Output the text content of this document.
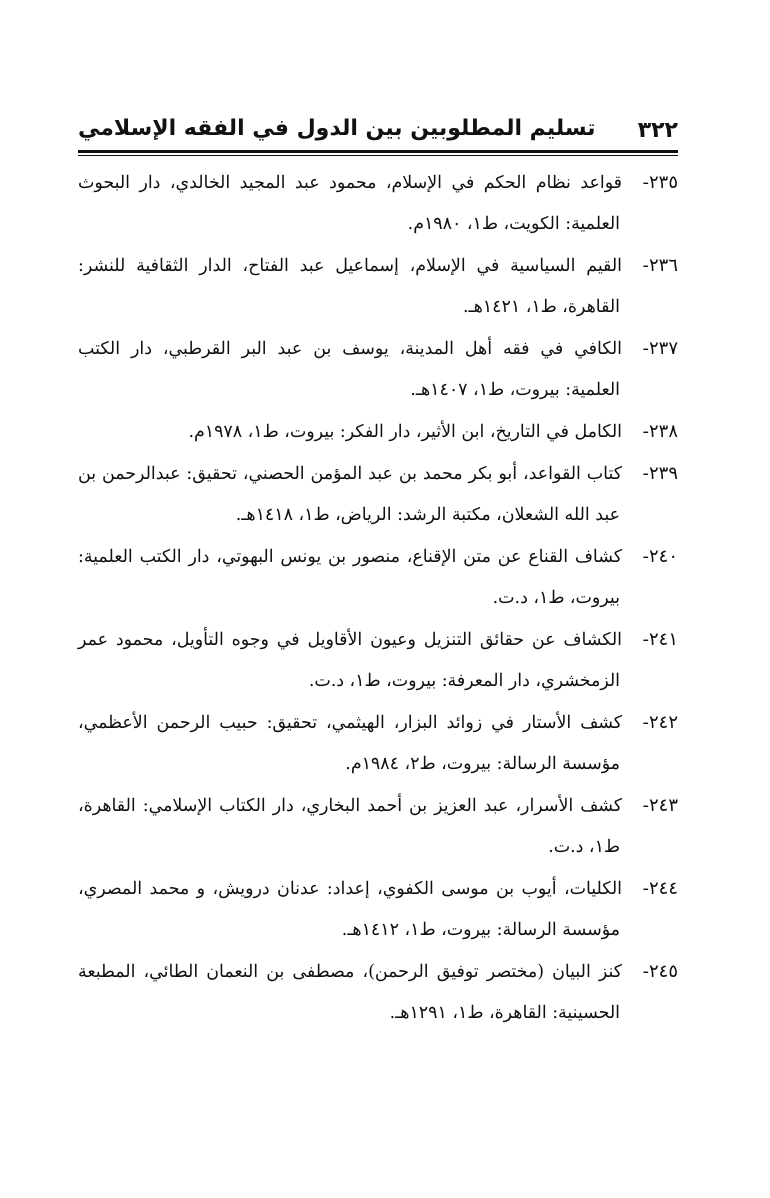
٣٢٢
تسليم المطلوبين بين الدول في الفقه الإسلامي
٢٣٥-قواعد نظام الحكم في الإسلام، محمود عبد المجيد الخالدي، دار البحوث العلمية: الكويت، ط١، ١٩٨٠م.
٢٣٦-القيم السياسية في الإسلام، إسماعيل عبد الفتاح، الدار الثقافية للنشر: القاهرة، ط١، ١٤٢١هـ.
٢٣٧-الكافي في فقه أهل المدينة، يوسف بن عبد البر القرطبي، دار الكتب العلمية: بيروت، ط١، ١٤٠٧هـ.
٢٣٨-الكامل في التاريخ، ابن الأثير، دار الفكر: بيروت، ط١، ١٩٧٨م.
٢٣٩-كتاب القواعد، أبو بكر محمد بن عبد المؤمن الحصني، تحقيق: عبدالرحمن بن عبد الله الشعلان، مكتبة الرشد: الرياض، ط١، ١٤١٨هـ.
٢٤٠-كشاف القناع عن متن الإقناع، منصور بن يونس البهوتي، دار الكتب العلمية: بيروت، ط١، د.ت.
٢٤١-الكشاف عن حقائق التنزيل وعيون الأقاويل في وجوه التأويل، محمود عمر الزمخشري، دار المعرفة: بيروت، ط١، د.ت.
٢٤٢-كشف الأستار في زوائد البزار، الهيثمي، تحقيق: حبيب الرحمن الأعظمي، مؤسسة الرسالة: بيروت، ط٢، ١٩٨٤م.
٢٤٣-كشف الأسرار، عبد العزيز بن أحمد البخاري، دار الكتاب الإسلامي: القاهرة، ط١، د.ت.
٢٤٤-الكليات، أيوب بن موسى الكفوي، إعداد: عدنان درويش، و محمد المصري، مؤسسة الرسالة: بيروت، ط١، ١٤١٢هـ.
٢٤٥-كنز البيان (مختصر توفيق الرحمن)، مصطفى بن النعمان الطائي، المطبعة الحسينية: القاهرة، ط١، ١٢٩١هـ.
